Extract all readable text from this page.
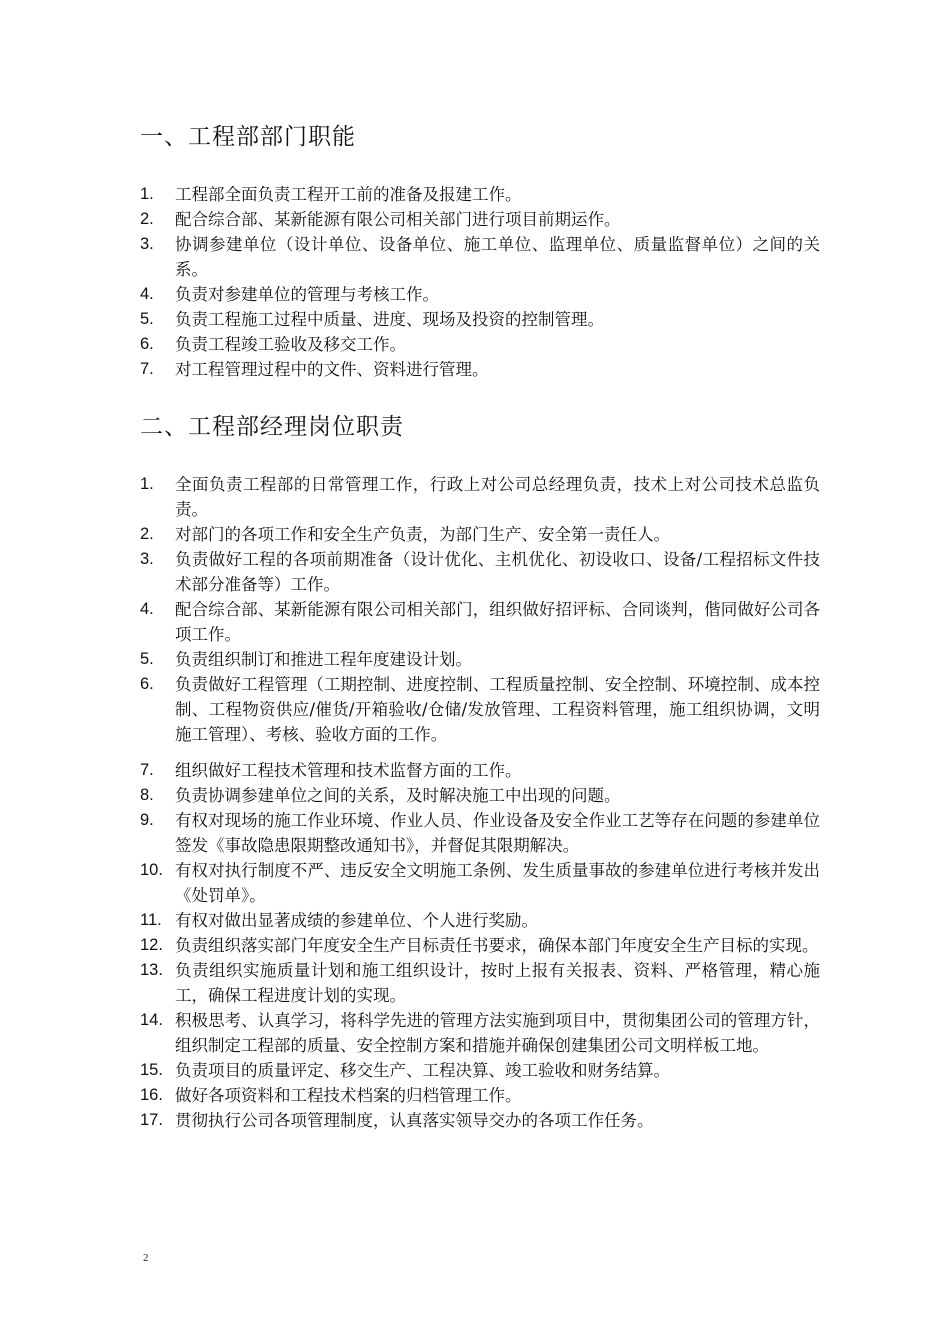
一、工程部部门职能
1. 工程部全面负责工程开工前的准备及报建工作。
2. 配合综合部、某新能源有限公司相关部门进行项目前期运作。
3. 协调参建单位（设计单位、设备单位、施工单位、监理单位、质量监督单位）之间的关系。
4. 负责对参建单位的管理与考核工作。
5. 负责工程施工过程中质量、进度、现场及投资的控制管理。
6. 负责工程竣工验收及移交工作。
7. 对工程管理过程中的文件、资料进行管理。
二、工程部经理岗位职责
1. 全面负责工程部的日常管理工作，行政上对公司总经理负责，技术上对公司技术总监负责。
2. 对部门的各项工作和安全生产负责，为部门生产、安全第一责任人。
3. 负责做好工程的各项前期准备（设计优化、主机优化、初设收口、设备/工程招标文件技术部分准备等）工作。
4. 配合综合部、某新能源有限公司相关部门，组织做好招评标、合同谈判，偕同做好公司各项工作。
5. 负责组织制订和推进工程年度建设计划。
6. 负责做好工程管理（工期控制、进度控制、工程质量控制、安全控制、环境控制、成本控制、工程物资供应/催货/开箱验收/仓储/发放管理、工程资料管理，施工组织协调，文明施工管理）、考核、验收方面的工作。
7. 组织做好工程技术管理和技术监督方面的工作。
8. 负责协调参建单位之间的关系，及时解决施工中出现的问题。
9. 有权对现场的施工作业环境、作业人员、作业设备及安全作业工艺等存在问题的参建单位签发《事故隐患限期整改通知书》，并督促其限期解决。
10. 有权对执行制度不严、违反安全文明施工条例、发生质量事故的参建单位进行考核并发出《处罚单》。
11. 有权对做出显著成绩的参建单位、个人进行奖励。
12. 负责组织落实部门年度安全生产目标责任书要求，确保本部门年度安全生产目标的实现。
13. 负责组织实施质量计划和施工组织设计，按时上报有关报表、资料、严格管理，精心施工，确保工程进度计划的实现。
14. 积极思考、认真学习，将科学先进的管理方法实施到项目中，贯彻集团公司的管理方针，组织制定工程部的质量、安全控制方案和措施并确保创建集团公司文明样板工地。
15. 负责项目的质量评定、移交生产、工程决算、竣工验收和财务结算。
16. 做好各项资料和工程技术档案的归档管理工作。
17. 贯彻执行公司各项管理制度，认真落实领导交办的各项工作任务。
2
